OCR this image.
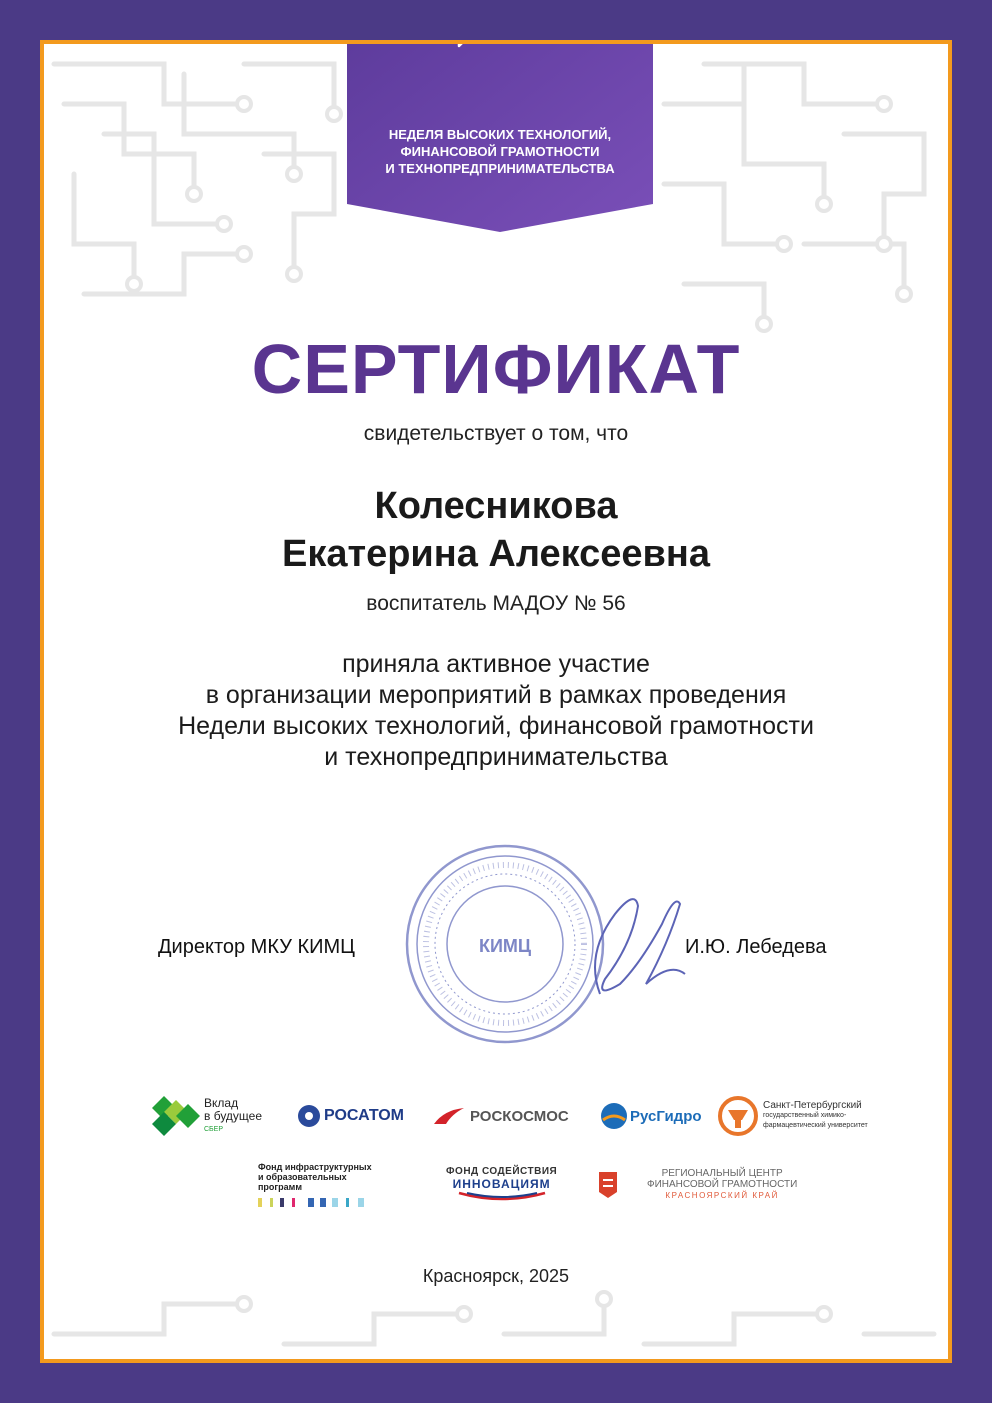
НЕДЕЛЯ ВЫСОКИХ ТЕХНОЛОГИЙ,
ФИНАНСОВОЙ ГРАМОТНОСТИ
И ТЕХНОПРЕДПРИНИМАТЕЛЬСТВА
СЕРТИФИКАТ
свидетельствует о том, что
Колесникова
Екатерина Алексеевна
воспитатель МАДОУ № 56
приняла активное участие
в организации мероприятий в рамках проведения
Недели высоких технологий, финансовой грамотности
и технопредпринимательства
КИМЦ
Директор МКУ КИМЦ	И.Ю. Лебедева
Вклад
в будущее
СБЕР
РОСАТОМ	РОСКОСМОС	РусГидро
Санкт-Петербургский
государственный химико-
фармацевтический университет
Фонд инфраструктурных
и образовательных
программ
ФОНД СОДЕЙСТВИЯ
ИННОВАЦИЯМ
РЕГИОНАЛЬНЫЙ ЦЕНТР
ФИНАНСОВОЙ ГРАМОТНОСТИ
КРАСНОЯРСКИЙ КРАЙ
Красноярск, 2025
